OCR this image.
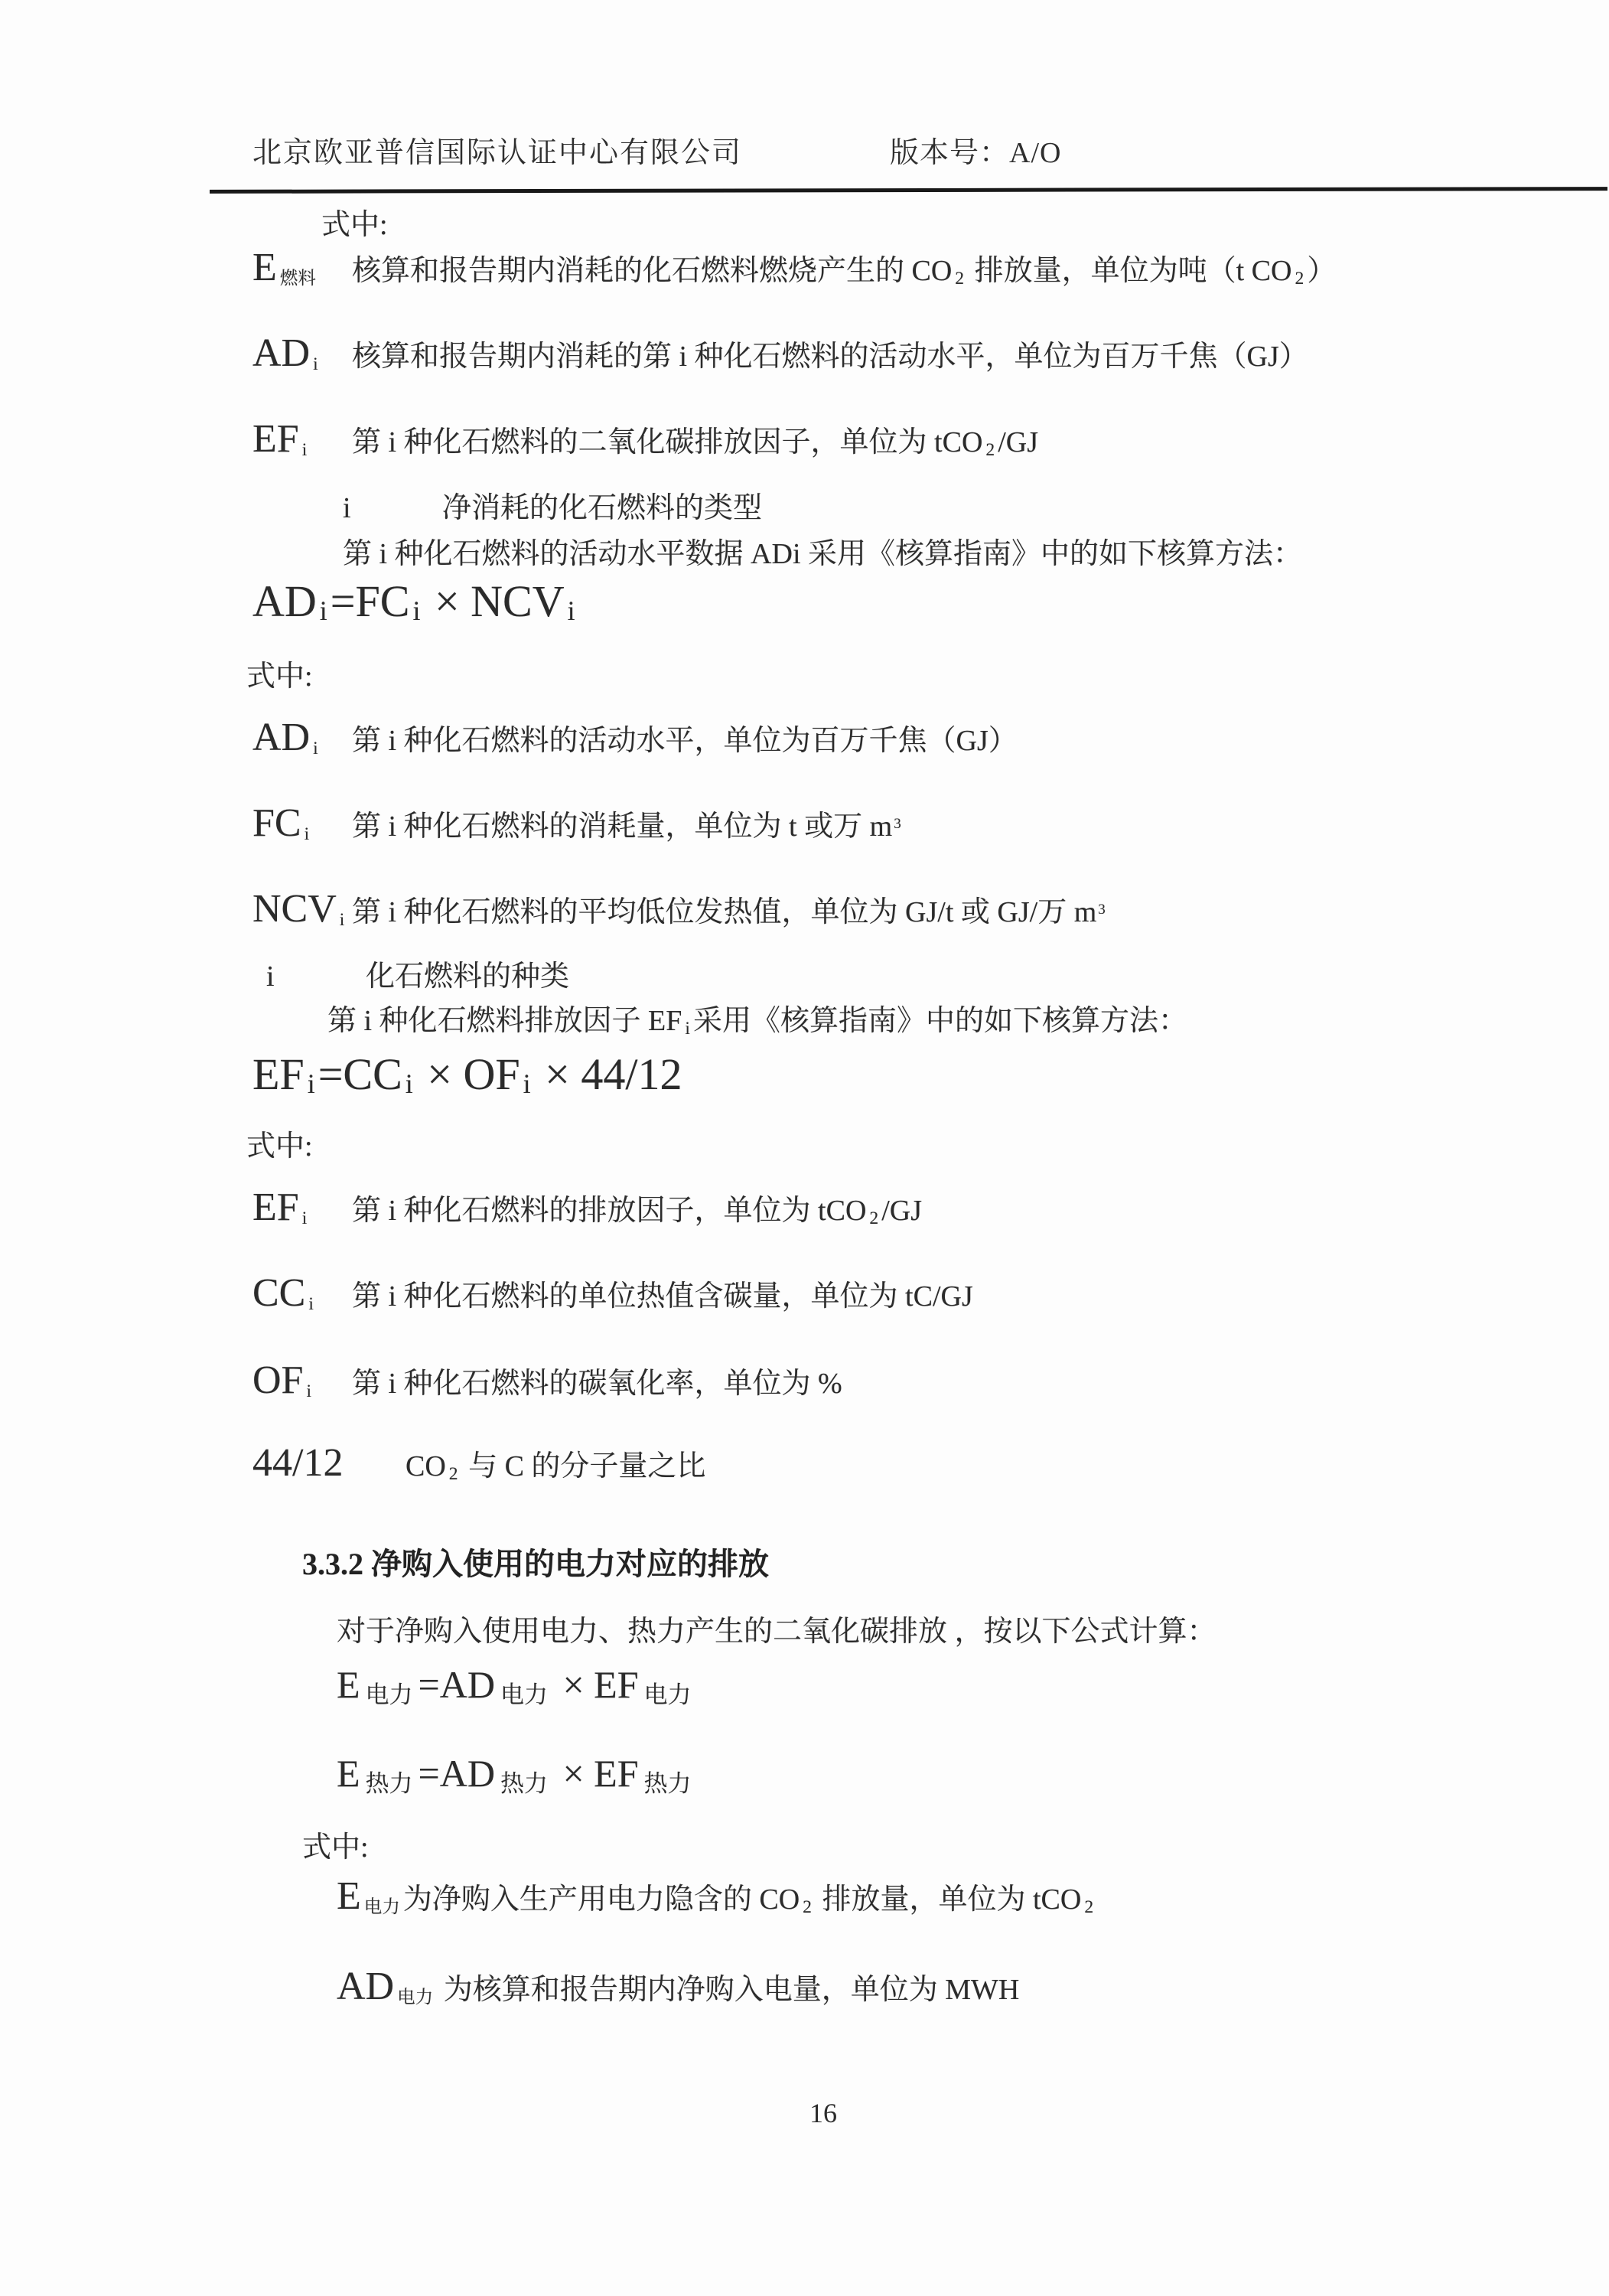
北京欧亚普信国际认证中心有限公司	版本号：A/O
式中:
E $_{燃料}$ 核算和报告期内消耗的化石燃料燃烧产生的 CO $_2$ 排放量，单位为吨（t CO $_2$ ）
AD $_i$ 核算和报告期内消耗的第 i 种化石燃料的活动水平，单位为百万千焦（GJ）
EF $_i$ 第 i 种化石燃料的二氧化碳排放因子，单位为 tCO $_2$ /GJ
i	净消耗的化石燃料的类型
第 i 种化石燃料的活动水平数据 ADi 采用《核算指南》中的如下核算方法：
AD i=FC i × NCV i
式中:
AD $_i$ 第 i 种化石燃料的活动水平，单位为百万千焦（GJ）
FC $_i$ 第 i 种化石燃料的消耗量，单位为 t 或万 m $^3$
NCV $_i$ 第 i 种化石燃料的平均低位发热值，单位为 GJ/t 或 GJ/万 m $^3$
i	化石燃料的种类
第 i 种化石燃料排放因子 EF $_i$ 采用《核算指南》中的如下核算方法：
EF i=CC i × OF i × 44/12
式中:
EF $_i$ 第 i 种化石燃料的排放因子，单位为 tCO $_2$ /GJ
CC $_i$ 第 i 种化石燃料的单位热值含碳量，单位为 tC/GJ
OF $_i$ 第 i 种化石燃料的碳氧化率，单位为 %
44/12 CO $_2$ 与 C 的分子量之比
3.3.2 净购入使用的电力对应的排放
对于净购入使用电力、热力产生的二氧化碳排放 ，按以下公式计算：
E $_{电力}$ =AD $_{电力}$ × EF $_{电力}$
E $_{热力}$ =AD $_{热力}$ × EF $_{热力}$
式中:
E $_{电力}$ 为净购入生产用电力隐含的 CO $_2$ 排放量，单位为 tCO $_2$
AD $_{电力}$ 为核算和报告期内净购入电量，单位为 MWH
16
